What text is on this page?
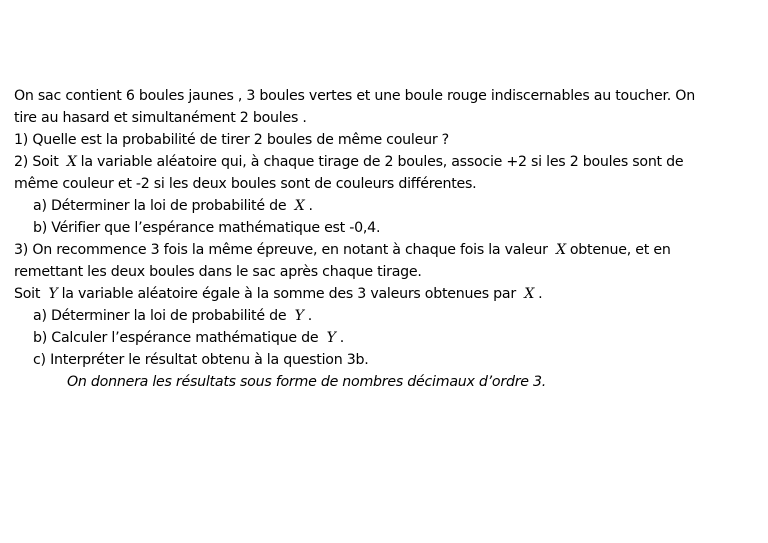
On sac contient 6 boules jaunes , 3 boules vertes et une boule rouge indiscernables au toucher. On
tire au hasard et simultanément 2 boules .
1) Quelle est la probabilité de tirer 2 boules de même couleur ?
2) Soit X la variable aléatoire qui, à chaque tirage de 2 boules, associe +2 si les 2 boules sont de
même couleur et -2 si les deux boules sont de couleurs différentes.
a) Déterminer la loi de probabilité de X .
b) Vérifier que l’espérance mathématique est -0,4.
3) On recommence 3 fois la même épreuve, en notant à chaque fois la valeur X obtenue, et en
remettant les deux boules dans le sac après chaque tirage.
Soit Y la variable aléatoire égale à la somme des 3 valeurs obtenues par X .
a) Déterminer la loi de probabilité de Y .
b) Calculer l’espérance mathématique de Y .
c) Interpréter le résultat obtenu à la question 3b.
On donnera les résultats sous forme de nombres décimaux d’ordre 3.
